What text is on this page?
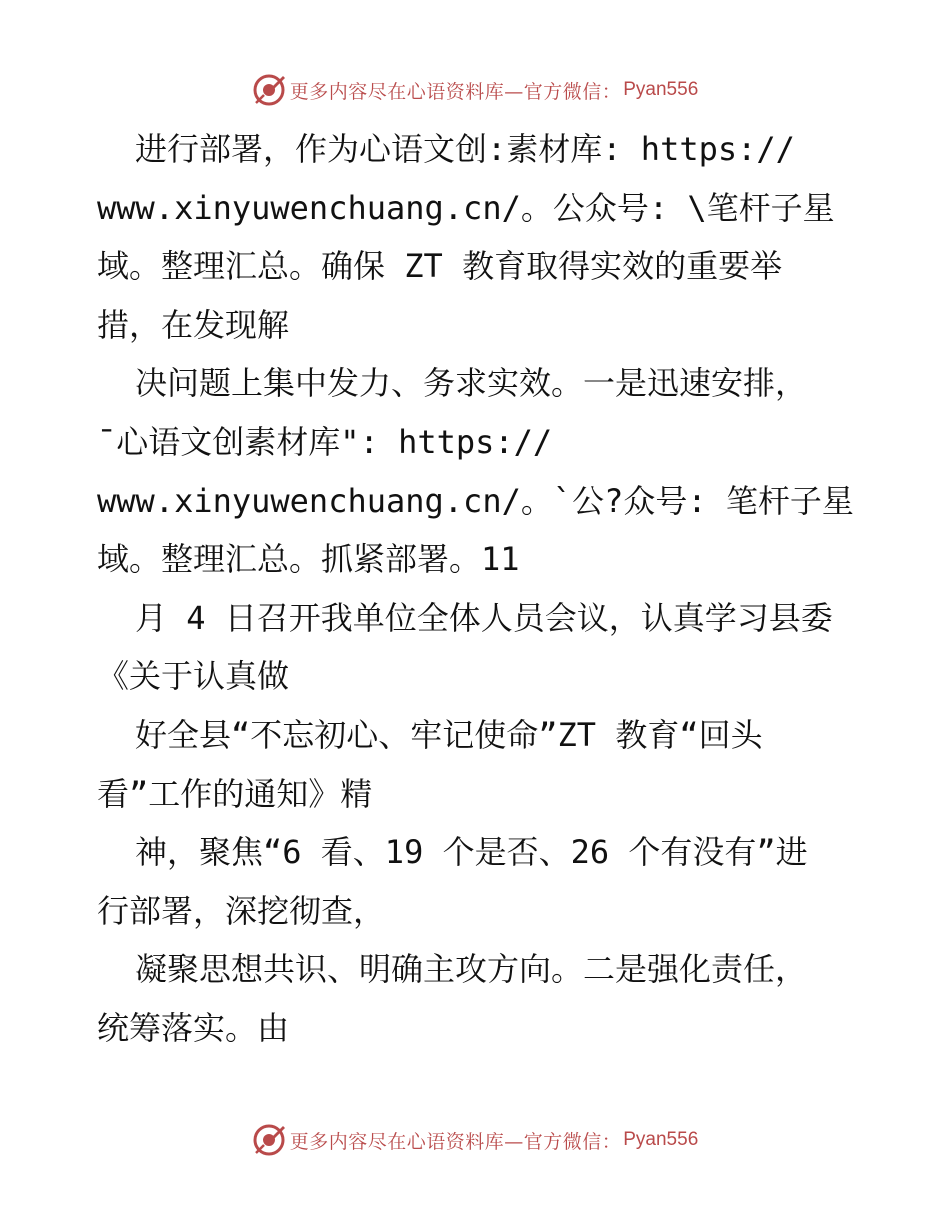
更多内容尽在心语资料库—官方微信： Pyan556
进行部署，作为心语文创:素材库: https://
www.xinyuwenchuang.cn/。公众号: \笔杆子星
域。整理汇总。确保 ZT 教育取得实效的重要举
措，在发现解
决问题上集中发力、务求实效。一是迅速安排，
¯心语文创素材库": https://
www.xinyuwenchuang.cn/。`公?众号: 笔杆子星
域。整理汇总。抓紧部署。11
月 4 日召开我单位全体人员会议，认真学习县委
《关于认真做
好全县“不忘初心、牢记使命”ZT 教育“回头
看”工作的通知》精
神，聚焦“6 看、19 个是否、26 个有没有”进
行部署，深挖彻查，
凝聚思想共识、明确主攻方向。二是强化责任，
统筹落实。由
更多内容尽在心语资料库—官方微信： Pyan556
